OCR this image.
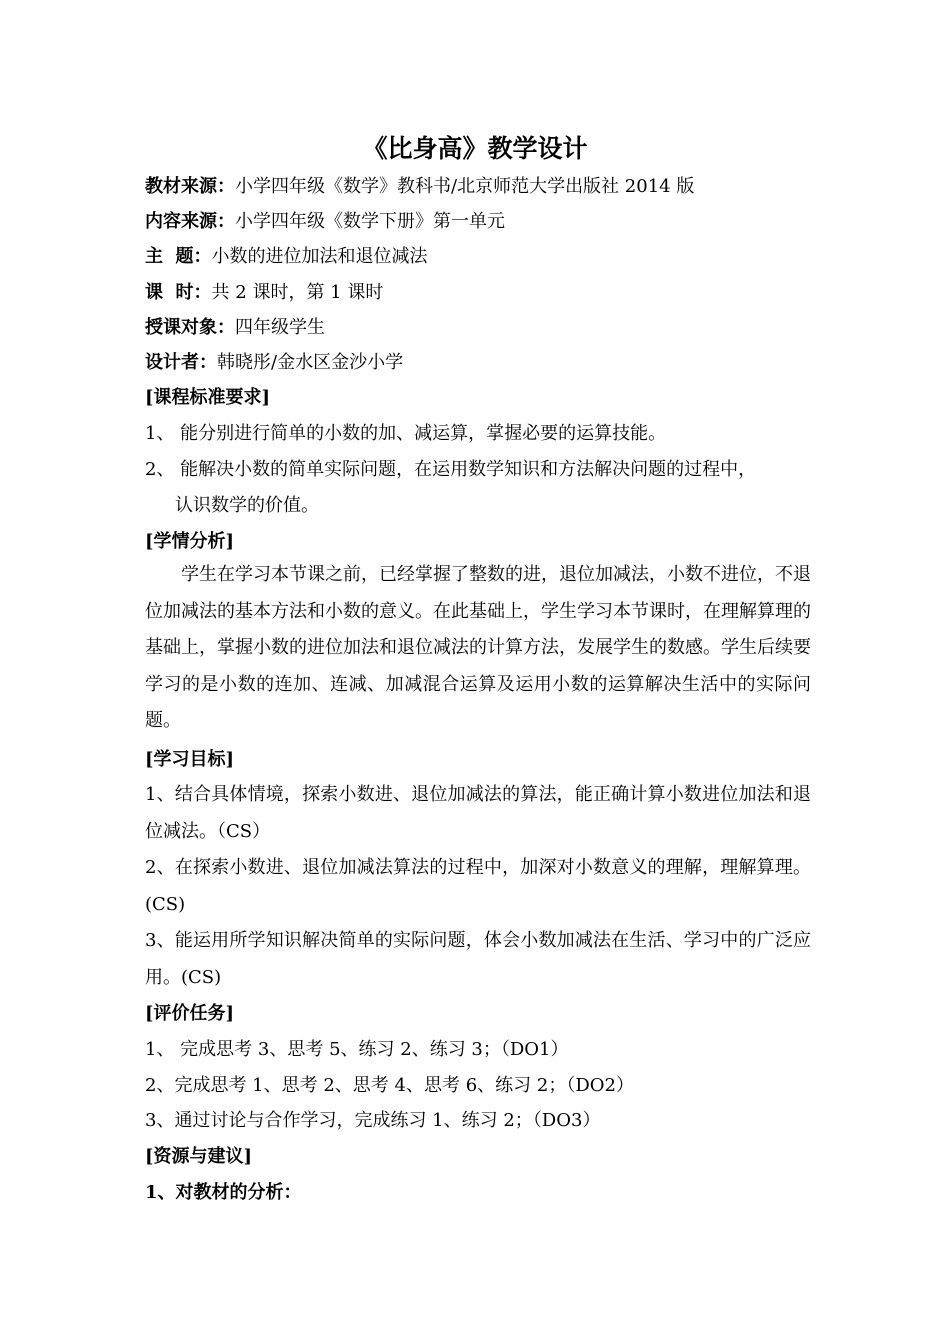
《比身高》教学设计
教材来源：小学四年级《数学》教科书/北京师范大学出版社 2014 版
内容来源：小学四年级《数学下册》第一单元
主  题：小数的进位加法和退位减法
课  时：共 2 课时，第 1 课时
授课对象：四年级学生
设计者：韩晓彤/金水区金沙小学
[课程标准要求]
1、 能分别进行简单的小数的加、减运算，掌握必要的运算技能。
2、 能解决小数的简单实际问题，在运用数学知识和方法解决问题的过程中，
认识数学的价值。
[学情分析]

学生在学习本节课之前，已经掌握了整数的进，退位加减法，小数不进位，不退位加减法的基本方法和小数的意义。在此基础上，学生学习本节课时，在理解算理的基础上，掌握小数的进位加法和退位减法的计算方法，发展学生的数感。学生后续要学习的是小数的连加、连减、加减混合运算及运用小数的运算解决生活中的实际问题。

[学习目标]

1、结合具体情境，探索小数进、退位加减法的算法，能正确计算小数进位加法和退位减法。（CS）

2、在探索小数进、退位加减法算法的过程中，加深对小数意义的理解，理解算理。(CS)

3、能运用所学知识解决简单的实际问题，体会小数加减法在生活、学习中的广泛应用。(CS)

[评价任务]
1、 完成思考 3、思考 5、练习 2、练习 3；（DO1）
2、完成思考 1、思考 2、思考 4、思考 6、练习 2；（DO2）
3、通过讨论与合作学习，完成练习 1、练习 2；（DO3）
[资源与建议]
1、对教材的分析：
